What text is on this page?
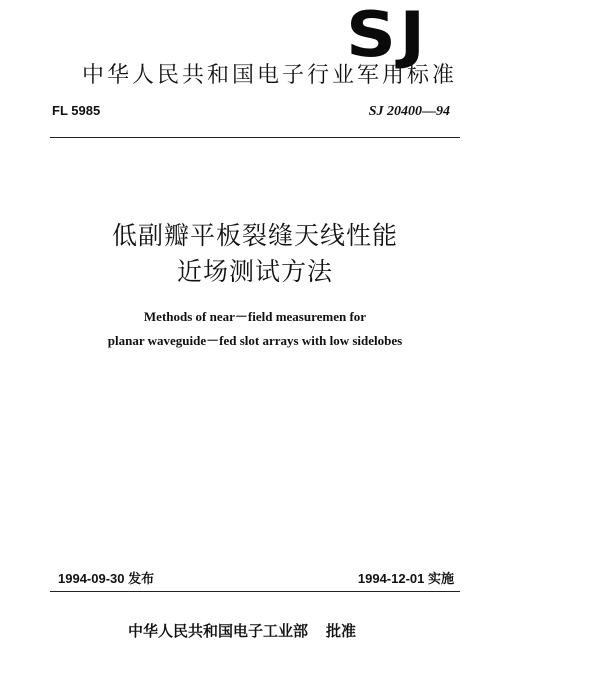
SJ
中华人民共和国电子行业军用标准
FL 5985	SJ 20400—94
低副瓣平板裂缝天线性能
近场测试方法
Methods of near－field measuremen for
planar waveguide－fed slot arrays with low sidelobes
1994-09-30 发布	1994-12-01 实施
中华人民共和国电子工业部 批准
